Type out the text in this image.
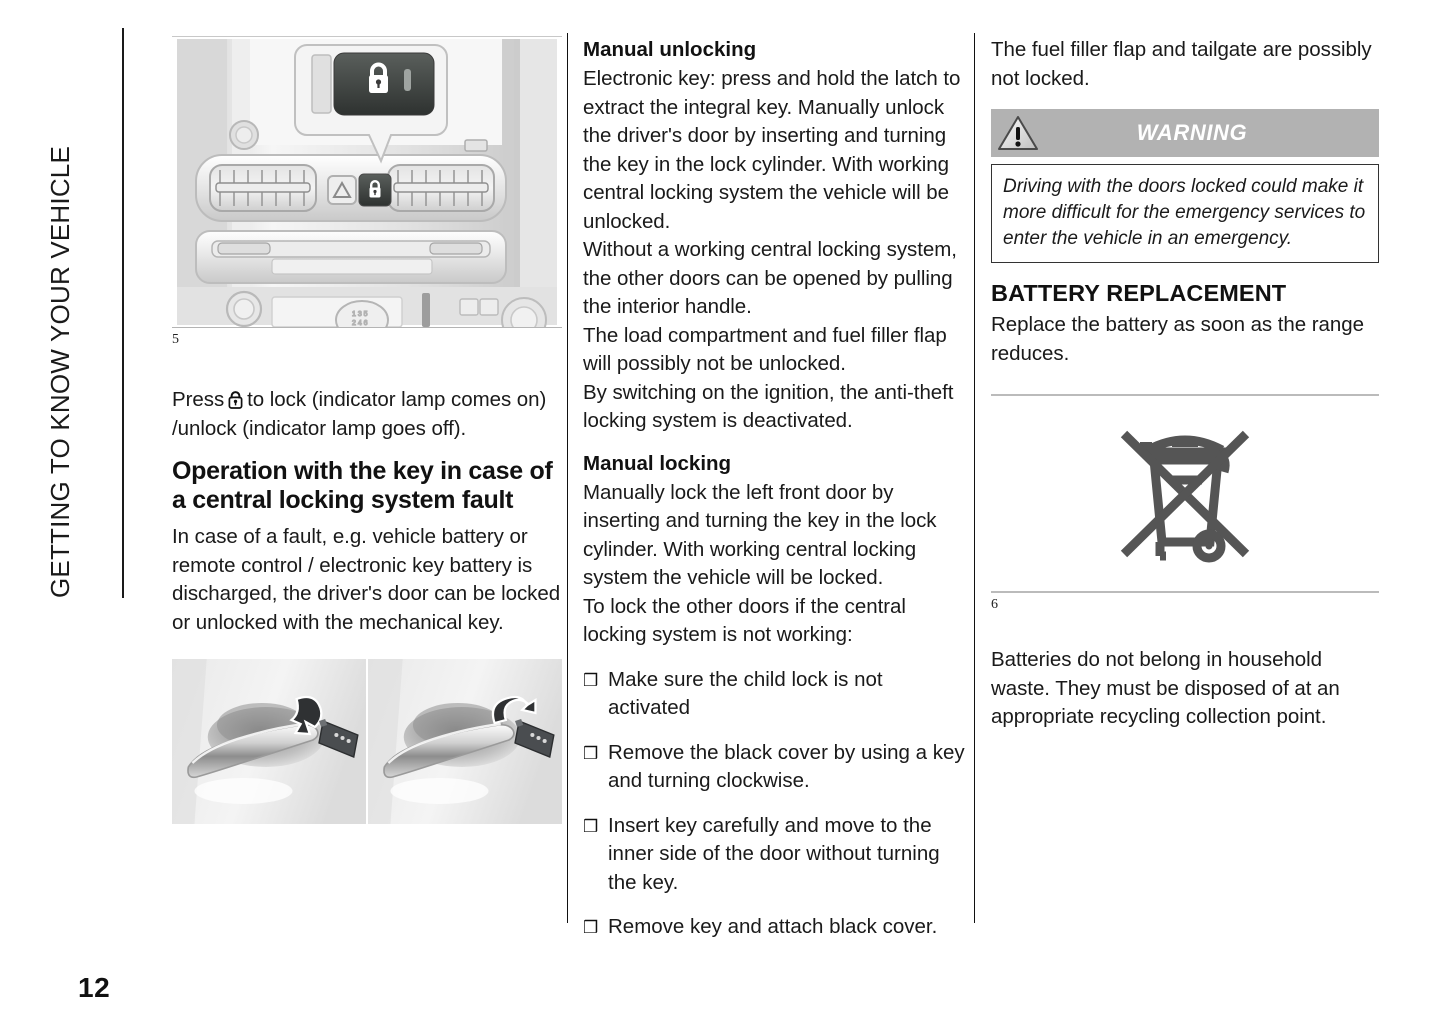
GETTING TO KNOW YOUR VEHICLE	1 3 5
2 4 6
5

Press to lock (indicator lamp comes on) /unlock (indicator lamp goes off).

Operation with the key in case of a central locking system fault

In case of a fault, e.g. vehicle battery or remote control / electronic key battery is discharged, the driver's door can be locked or unlocked with the mechanical key.

Manual unlocking

Electronic key: press and hold the latch to extract the integral key. Manually unlock the driver's door by inserting and turning the key in the lock cylinder. With working central locking system the vehicle will be unlocked.

Without a working central locking system, the other doors can be opened by pulling the interior handle.

The load compartment and fuel filler flap will possibly not be unlocked.

By switching on the ignition, the anti-theft locking system is deactivated.

Manual locking

Manually lock the left front door by inserting and turning the key in the lock cylinder. With working central locking system the vehicle will be locked.

To lock the other doors if the central locking system is not working:

❒ Make sure the child lock is not activated
❒ Remove the black cover by using a key and turning clockwise.
❒ Insert key carefully and move to the inner side of the door without turning the key.
❒ Remove key and attach black cover.

The fuel filler flap and tailgate are possibly not locked.

WARNING
Driving with the doors locked could make it more difficult for the emergency services to enter the vehicle in an emergency.
BATTERY REPLACEMENT

Replace the battery as soon as the range reduces.

6

Batteries do not belong in household waste. They must be disposed of at an appropriate recycling collection point.

12
